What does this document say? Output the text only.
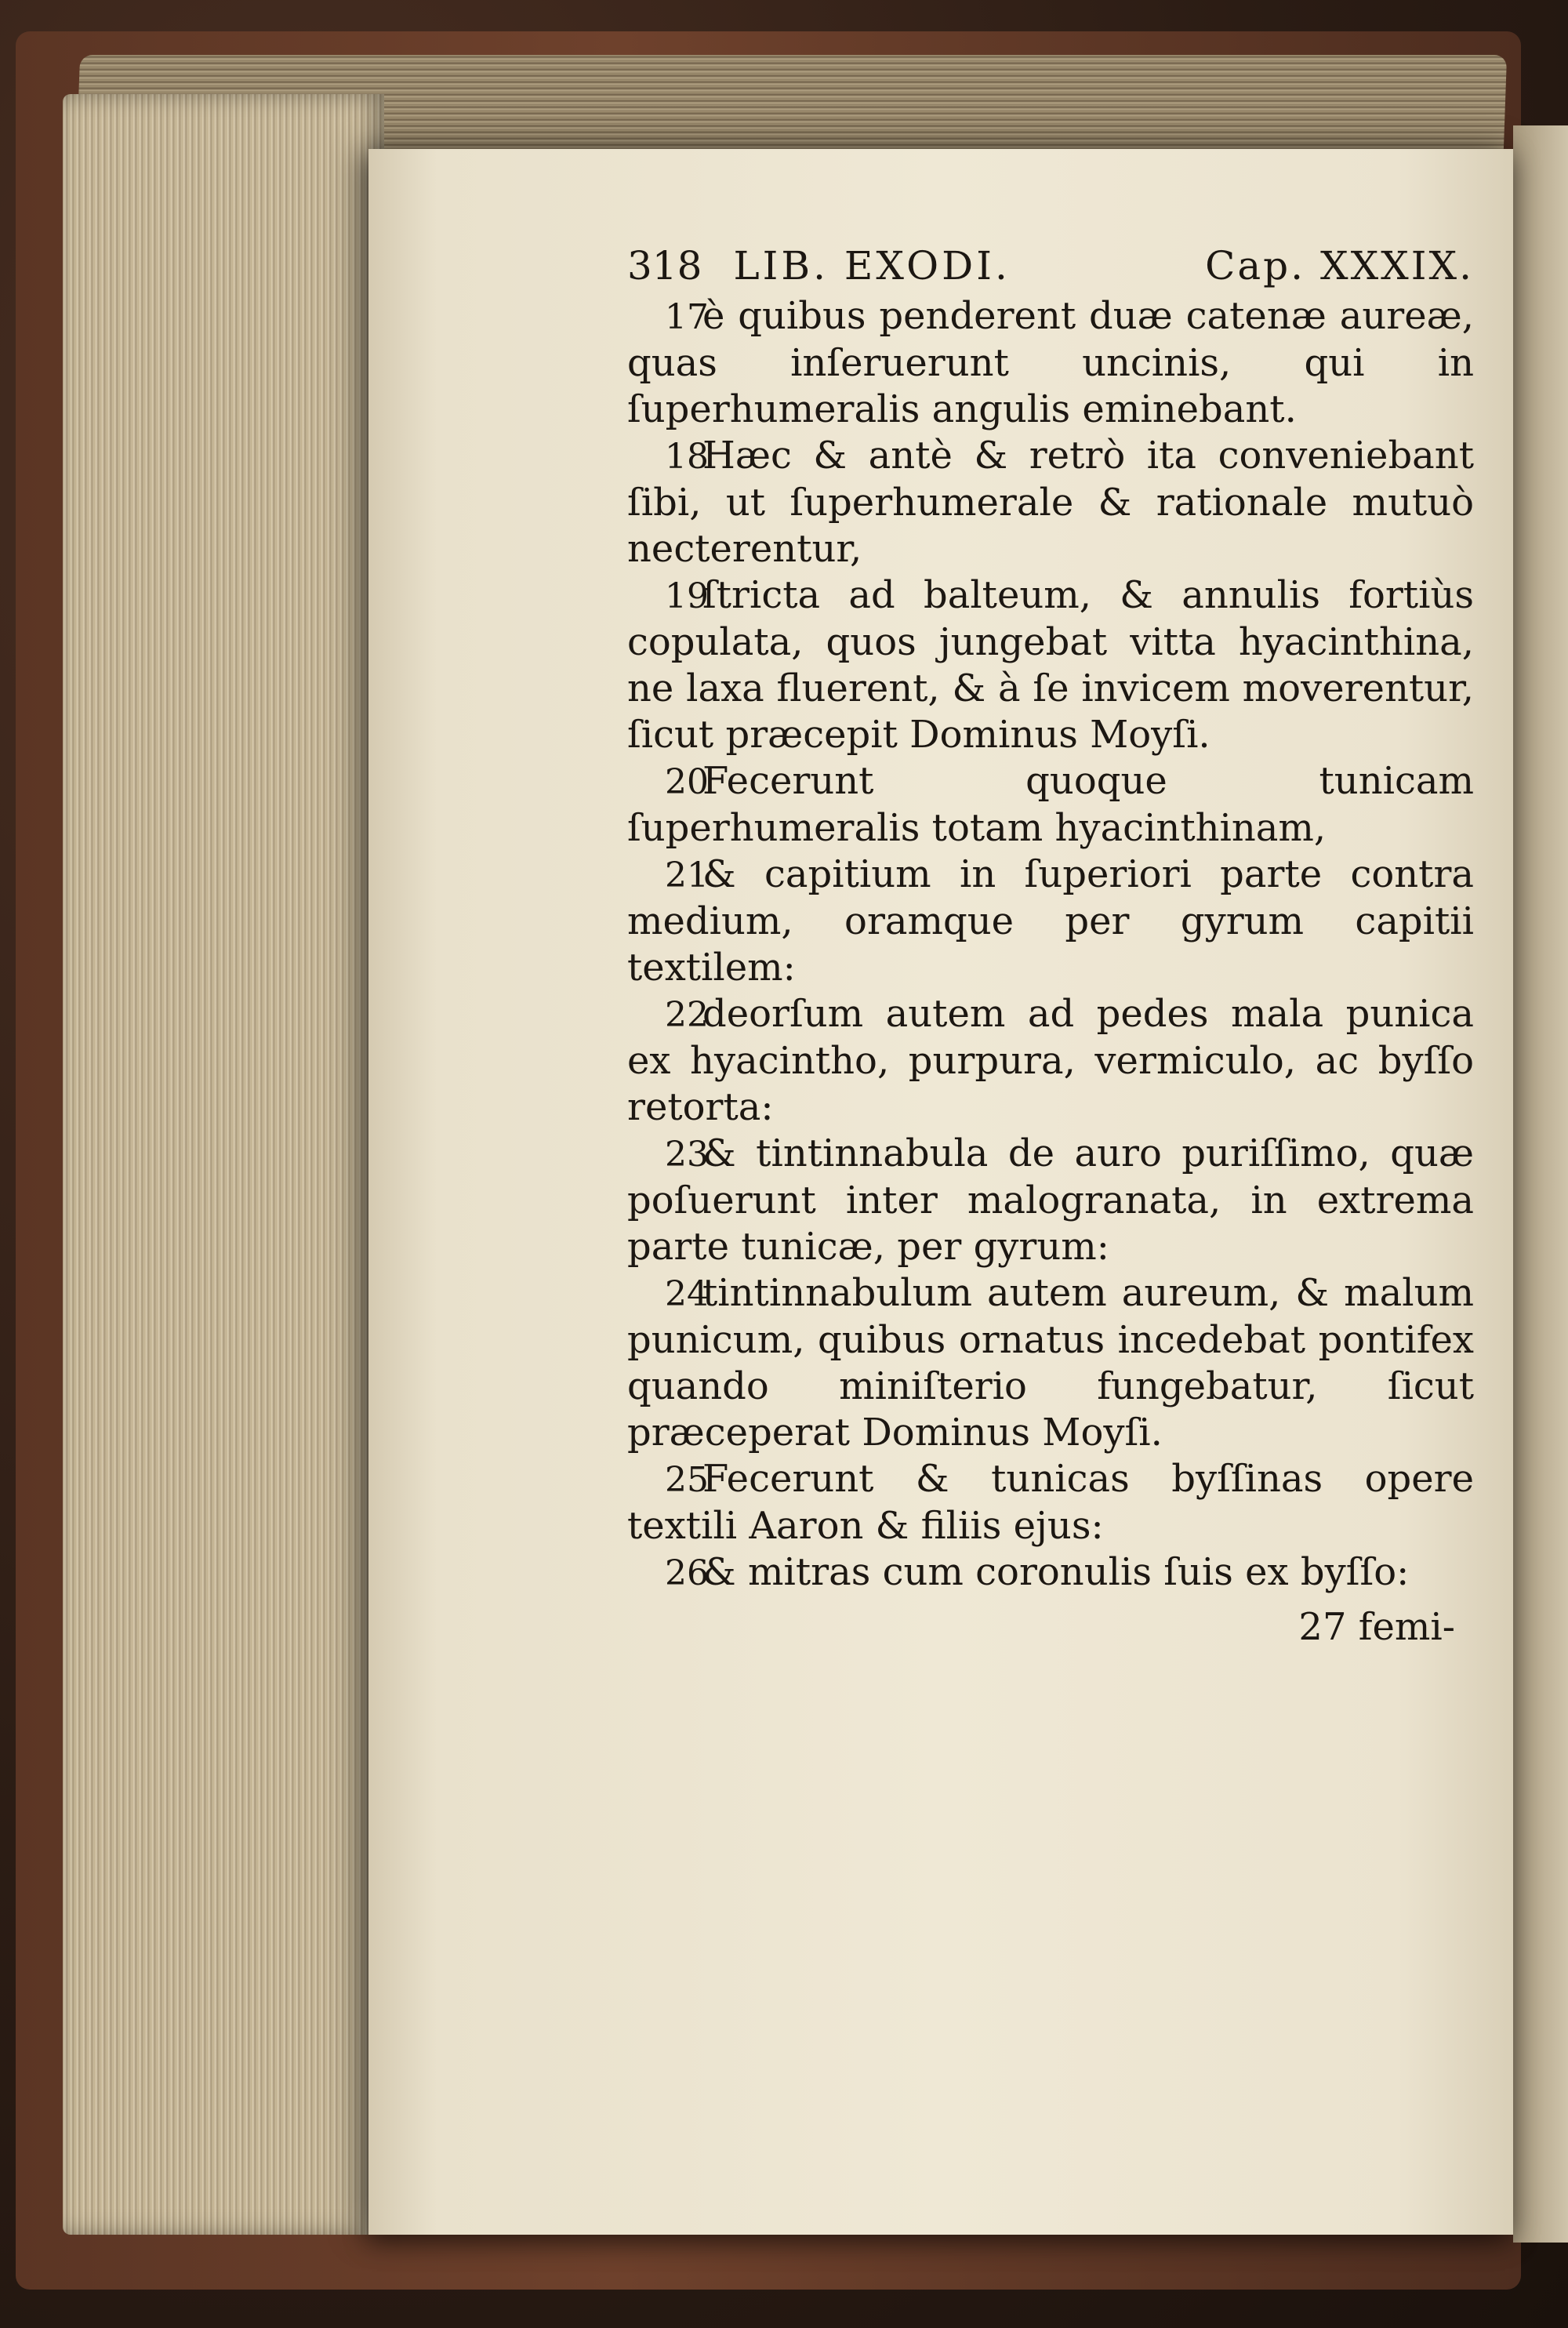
318 LIB. EXODI.	Cap. XXXIX.

17è quibus penderent duæ catenæ aureæ, quas inſeruerunt uncinis, qui in ſuperhumeralis angulis eminebant.

18Hæc & antè & retrò ita conveniebant ſibi, ut ſuperhumerale & rationale mutuò necterentur,

19ſtricta ad balteum, & annulis fortiùs copulata, quos jungebat vitta hyacinthina, ne laxa fluerent, & à ſe invicem moverentur, ſicut præcepit Dominus Moyſi.

20Fecerunt quoque tunicam ſuperhumeralis totam hyacinthinam,

21& capitium in ſuperiori parte contra medium, oramque per gyrum capitii textilem:

22deorſum autem ad pedes mala punica ex hyacintho, purpura, vermiculo, ac byſſo retorta:

23& tintinnabula de auro puriſſimo, quæ poſuerunt inter malogranata, in extrema parte tunicæ, per gyrum:

24tintinnabulum autem aureum, & malum punicum, quibus ornatus incedebat pontifex quando miniſterio fungebatur, ſicut præceperat Dominus Moyſi.

25Fecerunt & tunicas byſſinas opere textili Aaron & filiis ejus:

26& mitras cum coronulis ſuis ex byſſo:

27 femi-
